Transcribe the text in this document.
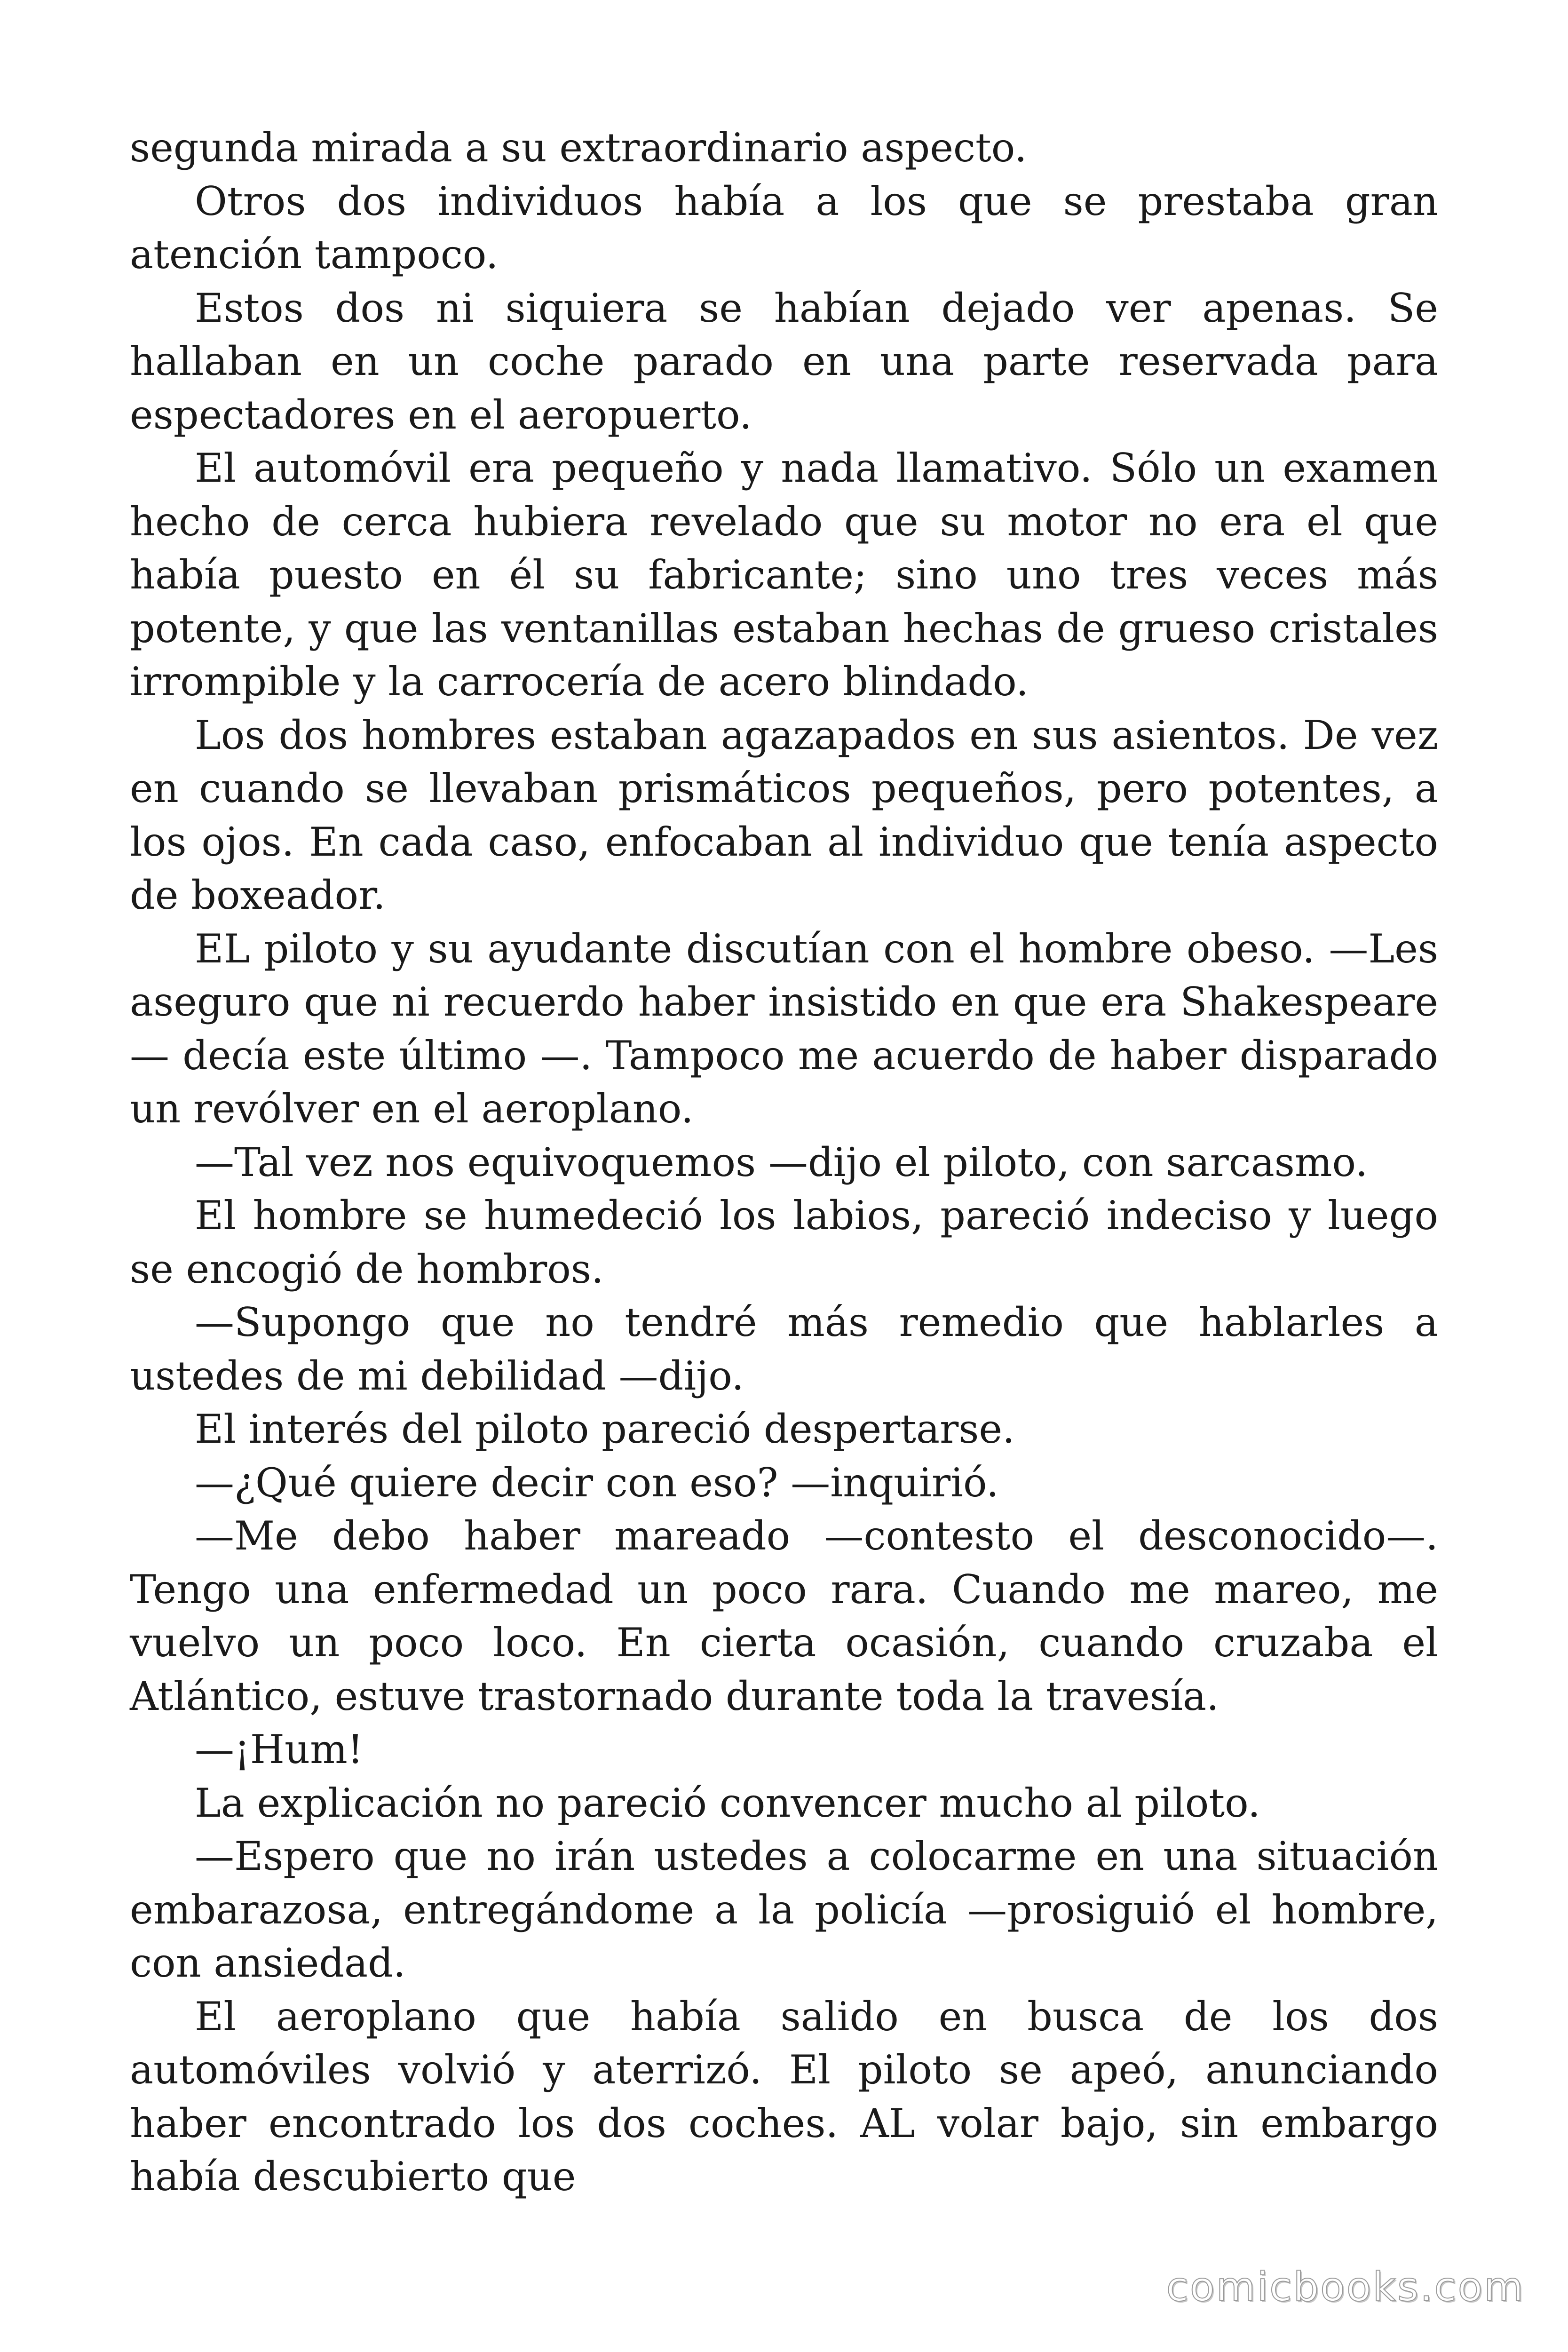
segunda mirada a su extraordinario aspecto.

Otros dos individuos había a los que se prestaba gran atención tampoco.

Estos dos ni siquiera se habían dejado ver apenas. Se hallaban en un coche parado en una parte reservada para espectadores en el aeropuerto.

El automóvil era pequeño y nada llamativo. Sólo un examen hecho de cerca hubiera revelado que su motor no era el que había puesto en él su fabricante; sino uno tres veces más potente, y que las ventanillas estaban hechas de grueso cristales irrompible y la carrocería de acero blindado.

Los dos hombres estaban agazapados en sus asientos. De vez en cuando se llevaban prismáticos pequeños, pero potentes, a los ojos. En cada caso, enfocaban al individuo que tenía aspecto de boxeador.

EL piloto y su ayudante discutían con el hombre obeso. —Les aseguro que ni recuerdo haber insistido en que era Shakespeare— decía este último —. Tampoco me acuerdo de haber disparado un revólver en el aeroplano.

—Tal vez nos equivoquemos —dijo el piloto, con sarcasmo.

El hombre se humedeció los labios, pareció indeciso y luego se encogió de hombros.

—Supongo que no tendré más remedio que hablarles a ustedes de mi debilidad —dijo.

El interés del piloto pareció despertarse.

—¿Qué quiere decir con eso? —inquirió.

—Me debo haber mareado —contesto el desconocido—. Tengo una enfermedad un poco rara. Cuando me mareo, me vuelvo un poco loco. En cierta ocasión, cuando cruzaba el Atlántico, estuve trastornado durante toda la travesía.

—¡Hum!

La explicación no pareció convencer mucho al piloto.

—Espero que no irán ustedes a colocarme en una situación embarazosa, entregándome a la policía —prosiguió el hombre, con ansiedad.

El aeroplano que había salido en busca de los dos automóviles volvió y aterrizó. El piloto se apeó, anunciando haber encontrado los dos coches. AL volar bajo, sin embargo había descubierto que

comicbooks.com
